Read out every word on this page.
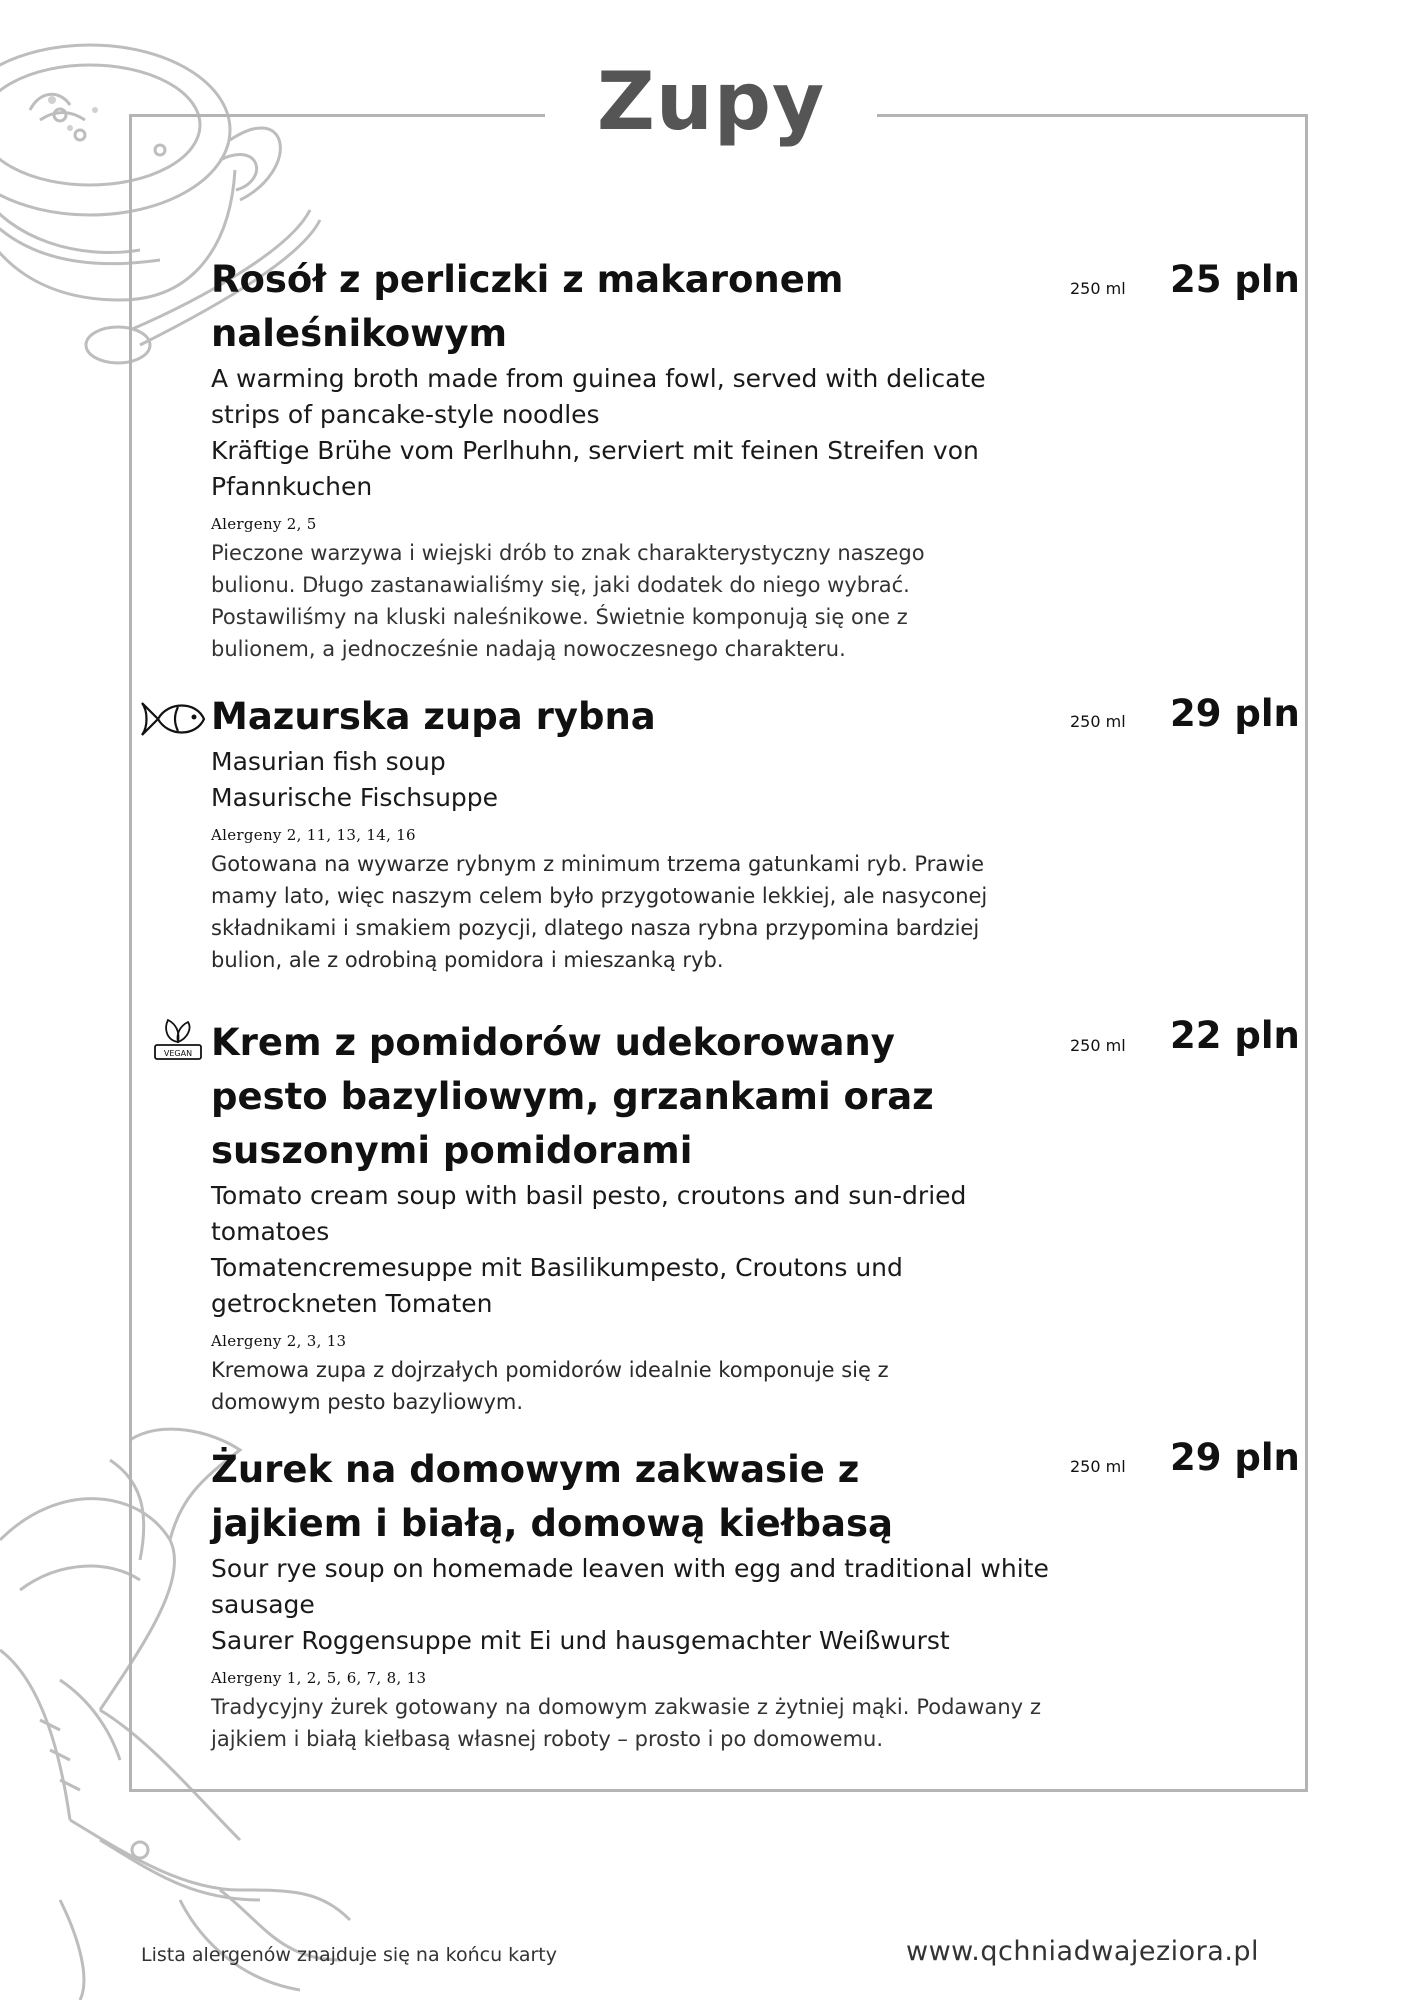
Zupy

Rosół z perliczki z makaronem naleśnikowym

A warming broth made from guinea fowl, served with delicate strips of pancake-style noodles

Kräftige Brühe vom Perlhuhn, serviert mit feinen Streifen von Pfannkuchen

Alergeny 2, 5

Pieczone warzywa i wiejski drób to znak charakterystyczny naszego bulionu. Długo zastanawialiśmy się, jaki dodatek do niego wybrać. Postawiliśmy na kluski naleśnikowe. Świetnie komponują się one z bulionem, a jednocześnie nadają nowoczesnego charakteru.

250 ml	25 pln

Mazurska zupa rybna

Masurian fish soup

Masurische Fischsuppe

Alergeny 2, 11, 13, 14, 16

Gotowana na wywarze rybnym z minimum trzema gatunkami ryb. Prawie mamy lato, więc naszym celem było przygotowanie lekkiej, ale nasyconej składnikami i smakiem pozycji, dlatego nasza rybna przypomina bardziej bulion, ale z odrobiną pomidora i mieszanką ryb.

250 ml	29 pln
VEGAN Krem z pomidorów udekorowany pesto bazyliowym, grzankami oraz suszonymi pomidorami

Tomato cream soup with basil pesto, croutons and sun-dried tomatoes

Tomatencremesuppe mit Basilikumpesto, Croutons und getrockneten Tomaten

Alergeny 2, 3, 13

Kremowa zupa z dojrzałych pomidorów idealnie komponuje się z domowym pesto bazyliowym.

250 ml	22 pln

Żurek na domowym zakwasie z jajkiem i białą, domową kiełbasą

Sour rye soup on homemade leaven with egg and traditional white sausage

Saurer Roggensuppe mit Ei und hausgemachter Weißwurst

Alergeny 1, 2, 5, 6, 7, 8, 13

Tradycyjny żurek gotowany na domowym zakwasie z żytniej mąki. Podawany z jajkiem i białą kiełbasą własnej roboty – prosto i po domowemu.

250 ml	29 pln
Lista alergenów znajduje się na końcu karty	www.qchniadwajeziora.pl
